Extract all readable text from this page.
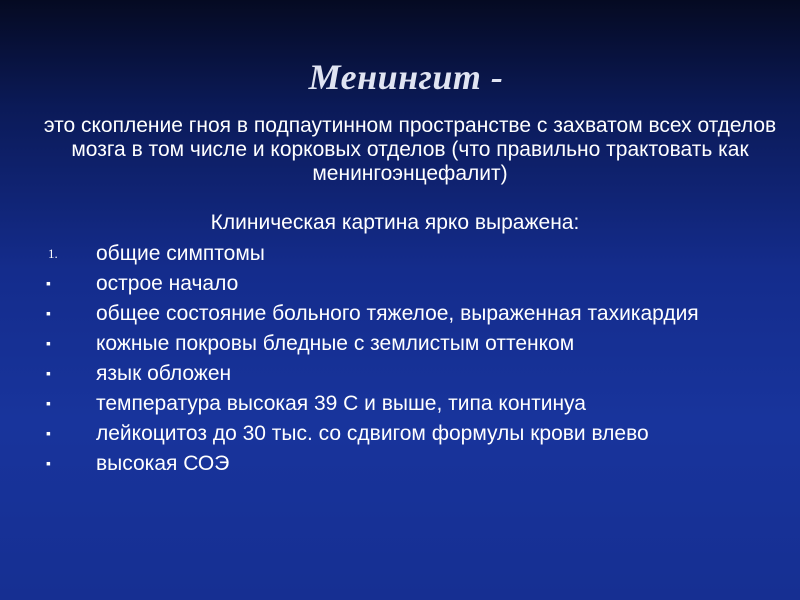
Менингит -
это скопление гноя в подпаутинном пространстве с захватом всех отделов мозга в том числе и корковых отделов (что правильно трактовать как менингоэнцефалит)
Клиническая картина ярко выражена:
1. общие симптомы
▪ острое начало
▪ общее состояние больного тяжелое, выраженная тахикардия
▪ кожные покровы бледные с землистым оттенком
▪ язык обложен
▪ температура высокая 39 С и выше, типа континуа
▪ лейкоцитоз до 30 тыс. со сдвигом формулы крови влево
▪ высокая СОЭ
